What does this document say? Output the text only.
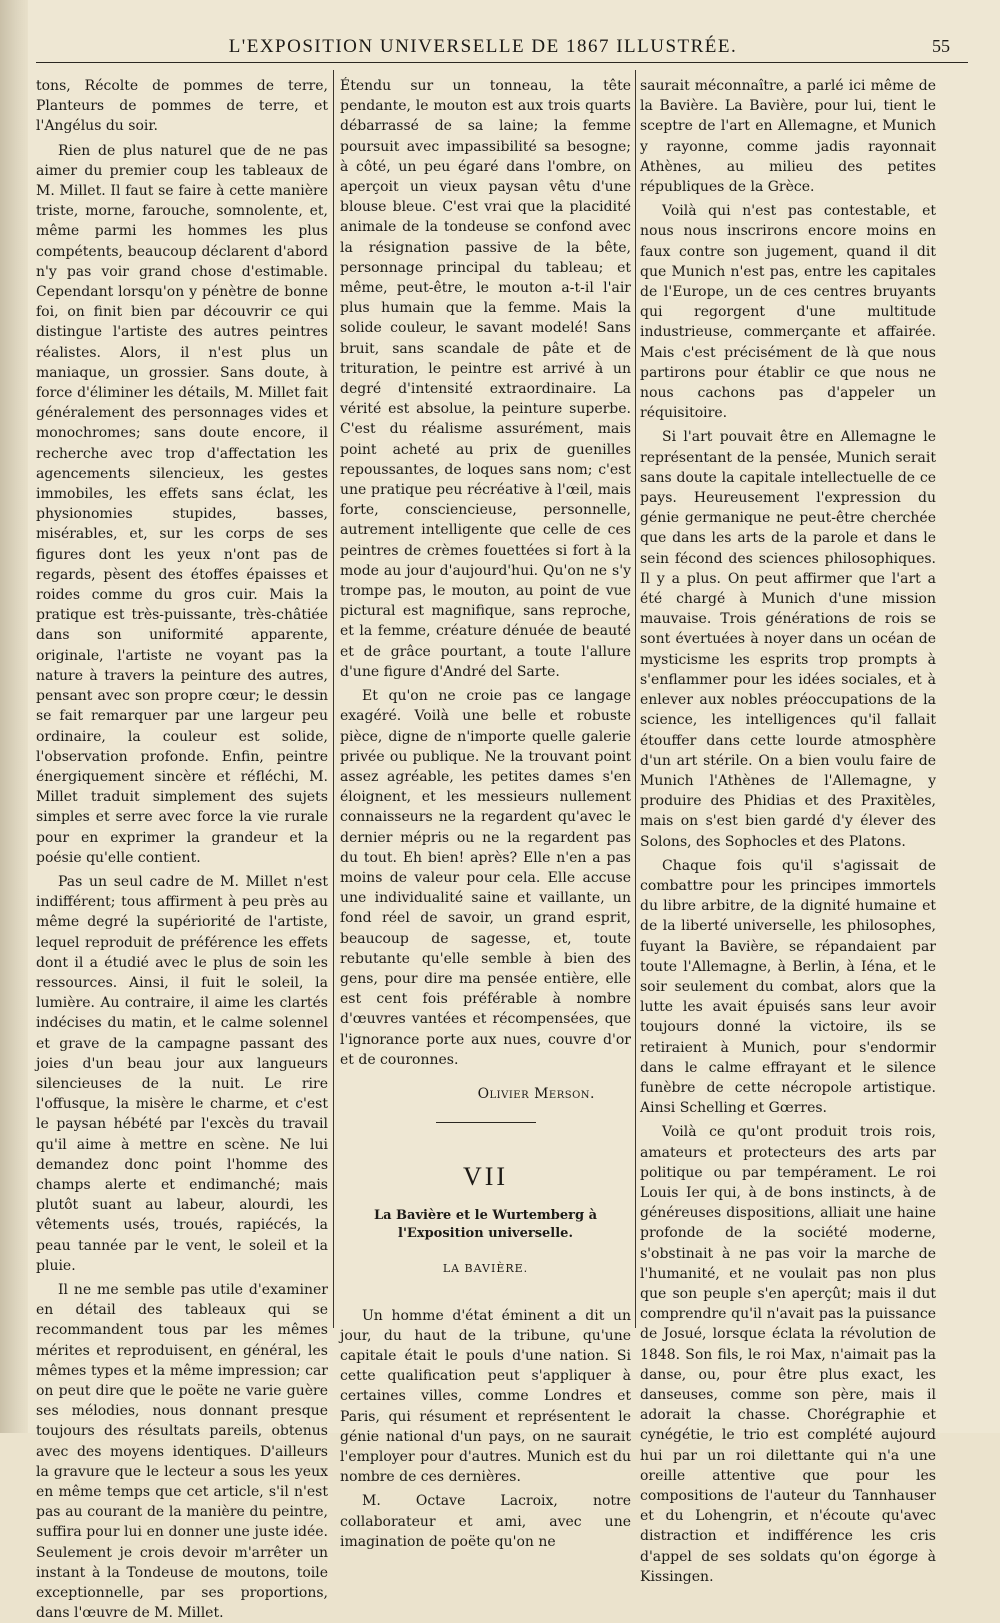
L'EXPOSITION UNIVERSELLE DE 1867 ILLUSTRÉE.	55

tons, Récolte de pommes de terre, Planteurs de pommes de terre, et l'Angélus du soir.

Rien de plus naturel que de ne pas aimer du premier coup les tableaux de M. Millet. Il faut se faire à cette manière triste, morne, farouche, somnolente, et, même parmi les hommes les plus compétents, beaucoup déclarent d'abord n'y pas voir grand chose d'estimable. Cependant lorsqu'on y pénètre de bonne foi, on finit bien par découvrir ce qui distingue l'artiste des autres peintres réalistes. Alors, il n'est plus un maniaque, un grossier. Sans doute, à force d'éliminer les détails, M. Millet fait généralement des personnages vides et monochromes; sans doute encore, il recherche avec trop d'affectation les agencements silencieux, les gestes immobiles, les effets sans éclat, les physionomies stupides, basses, misérables, et, sur les corps de ses figures dont les yeux n'ont pas de regards, pèsent des étoffes épaisses et roides comme du gros cuir. Mais la pratique est très-puissante, très-châtiée dans son uniformité apparente, originale, l'artiste ne voyant pas la nature à travers la peinture des autres, pensant avec son propre cœur; le dessin se fait remarquer par une largeur peu ordinaire, la couleur est solide, l'observation profonde. Enfin, peintre énergiquement sincère et réfléchi, M. Millet traduit simplement des sujets simples et serre avec force la vie rurale pour en exprimer la grandeur et la poésie qu'elle contient.

Pas un seul cadre de M. Millet n'est indifférent; tous affirment à peu près au même degré la supériorité de l'artiste, lequel reproduit de préférence les effets dont il a étudié avec le plus de soin les ressources. Ainsi, il fuit le soleil, la lumière. Au contraire, il aime les clartés indécises du matin, et le calme solennel et grave de la campagne passant des joies d'un beau jour aux langueurs silencieuses de la nuit. Le rire l'offusque, la misère le charme, et c'est le paysan hébété par l'excès du travail qu'il aime à mettre en scène. Ne lui demandez donc point l'homme des champs alerte et endimanché; mais plutôt suant au labeur, alourdi, les vêtements usés, troués, rapiécés, la peau tannée par le vent, le soleil et la pluie.

Il ne me semble pas utile d'examiner en détail des tableaux qui se recommandent tous par les mêmes mérites et reproduisent, en général, les mêmes types et la même impression; car on peut dire que le poëte ne varie guère ses mélodies, nous donnant presque toujours des résultats pareils, obtenus avec des moyens identiques. D'ailleurs la gravure que le lecteur a sous les yeux en même temps que cet article, s'il n'est pas au courant de la manière du peintre, suffira pour lui en donner une juste idée. Seulement je crois devoir m'arrêter un instant à la Tondeuse de moutons, toile exceptionnelle, par ses proportions, dans l'œuvre de M. Millet.

Étendu sur un tonneau, la tête pendante, le mouton est aux trois quarts débarrassé de sa laine; la femme poursuit avec impassibilité sa besogne; à côté, un peu égaré dans l'ombre, on aperçoit un vieux paysan vêtu d'une blouse bleue. C'est vrai que la placidité animale de la tondeuse se confond avec la résignation passive de la bête, personnage principal du tableau; et même, peut-être, le mouton a-t-il l'air plus humain que la femme. Mais la solide couleur, le savant modelé! Sans bruit, sans scandale de pâte et de trituration, le peintre est arrivé à un degré d'intensité extraordinaire. La vérité est absolue, la peinture superbe. C'est du réalisme assurément, mais point acheté au prix de guenilles repoussantes, de loques sans nom; c'est une pratique peu récréative à l'œil, mais forte, consciencieuse, personnelle, autrement intelligente que celle de ces peintres de crèmes fouettées si fort à la mode au jour d'aujourd'hui. Qu'on ne s'y trompe pas, le mouton, au point de vue pictural est magnifique, sans reproche, et la femme, créature dénuée de beauté et de grâce pourtant, a toute l'allure d'une figure d'André del Sarte.

Et qu'on ne croie pas ce langage exagéré. Voilà une belle et robuste pièce, digne de n'importe quelle galerie privée ou publique. Ne la trouvant point assez agréable, les petites dames s'en éloignent, et les messieurs nullement connaisseurs ne la regardent qu'avec le dernier mépris ou ne la regardent pas du tout. Eh bien! après? Elle n'en a pas moins de valeur pour cela. Elle accuse une individualité saine et vaillante, un fond réel de savoir, un grand esprit, beaucoup de sagesse, et, toute rebutante qu'elle semble à bien des gens, pour dire ma pensée entière, elle est cent fois préférable à nombre d'œuvres vantées et récompensées, que l'ignorance porte aux nues, couvre d'or et de couronnes.

Olivier Merson.
VII
La Bavière et le Wurtemberg à l'Exposition universelle.
LA BAVIÈRE.

Un homme d'état éminent a dit un jour, du haut de la tribune, qu'une capitale était le pouls d'une nation. Si cette qualification peut s'appliquer à certaines villes, comme Londres et Paris, qui résument et représentent le génie national d'un pays, on ne saurait l'employer pour d'autres. Munich est du nombre de ces dernières.

M. Octave Lacroix, notre collaborateur et ami, avec une imagination de poëte qu'on ne

saurait méconnaître, a parlé ici même de la Bavière. La Bavière, pour lui, tient le sceptre de l'art en Allemagne, et Munich y rayonne, comme jadis rayonnait Athènes, au milieu des petites républiques de la Grèce.

Voilà qui n'est pas contestable, et nous nous inscrirons encore moins en faux contre son jugement, quand il dit que Munich n'est pas, entre les capitales de l'Europe, un de ces centres bruyants qui regorgent d'une multitude industrieuse, commerçante et affairée. Mais c'est précisément de là que nous partirons pour établir ce que nous ne nous cachons pas d'appeler un réquisitoire.

Si l'art pouvait être en Allemagne le représentant de la pensée, Munich serait sans doute la capitale intellectuelle de ce pays. Heureusement l'expression du génie germanique ne peut-être cherchée que dans les arts de la parole et dans le sein fécond des sciences philosophiques. Il y a plus. On peut affirmer que l'art a été chargé à Munich d'une mission mauvaise. Trois générations de rois se sont évertuées à noyer dans un océan de mysticisme les esprits trop prompts à s'enflammer pour les idées sociales, et à enlever aux nobles préoccupations de la science, les intelligences qu'il fallait étouffer dans cette lourde atmosphère d'un art stérile. On a bien voulu faire de Munich l'Athènes de l'Allemagne, y produire des Phidias et des Praxitèles, mais on s'est bien gardé d'y élever des Solons, des Sophocles et des Platons.

Chaque fois qu'il s'agissait de combattre pour les principes immortels du libre arbitre, de la dignité humaine et de la liberté universelle, les philosophes, fuyant la Bavière, se répandaient par toute l'Allemagne, à Berlin, à Iéna, et le soir seulement du combat, alors que la lutte les avait épuisés sans leur avoir toujours donné la victoire, ils se retiraient à Munich, pour s'endormir dans le calme effrayant et le silence funèbre de cette nécropole artistique. Ainsi Schelling et Gœrres.

Voilà ce qu'ont produit trois rois, amateurs et protecteurs des arts par politique ou par tempérament. Le roi Louis Ier qui, à de bons instincts, à de généreuses dispositions, alliait une haine profonde de la société moderne, s'obstinait à ne pas voir la marche de l'humanité, et ne voulait pas non plus que son peuple s'en aperçût; mais il dut comprendre qu'il n'avait pas la puissance de Josué, lorsque éclata la révolution de 1848. Son fils, le roi Max, n'aimait pas la danse, ou, pour être plus exact, les danseuses, comme son père, mais il adorait la chasse. Chorégraphie et cynégétie, le trio est complété aujourd hui par un roi dilettante qui n'a une oreille attentive que pour les compositions de l'auteur du Tannhauser et du Lohengrin, et n'écoute qu'avec distraction et indifférence les cris d'appel de ses soldats qu'on égorge à Kissingen.
